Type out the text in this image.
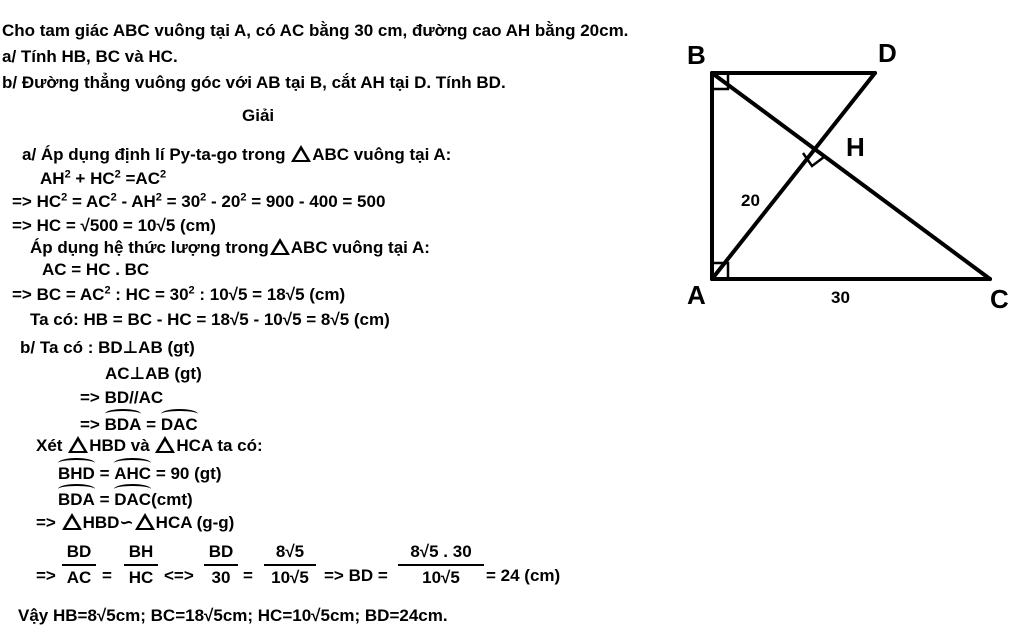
Cho tam giác ABC vuông tại A, có AC bằng 30 cm, đường cao AH bằng 20cm.
a/ Tính HB, BC và HC.
b/ Đường thẳng vuông góc với AB tại B, cắt AH tại D. Tính BD.
Giải
a/ Áp dụng định lí Py-ta-go trong ABC vuông tại A:
$AH^2 + HC^2 =AC^2$
=> $HC^2 = AC^2 - AH^2 = 30^2 - 20^2 = 900 - 400 = 500$
=> HC = √500 = 10√5 (cm)
Áp dụng hệ thức lượng trong ABC vuông tại A:
AC = HC . BC
=> BC = $AC^2$ : HC = $30^2$ : 10√5 = 18√5 (cm)
Ta có: HB = BC - HC = 18√5 - 10√5 = 8√5 (cm)
b/ Ta có : BD⊥AB (gt)
AC⊥AB (gt)
=> BD//AC
=> BDA = DAC
Xét HBD và HCA ta có:
BHD = AHC = 90 (gt)
BDA = DAC(cmt)
=> HBD∽ HCA (g-g)
=> $\frac{BD}{AC} = \frac{BH}{HC}$ <=> $\frac{BD}{30} = \frac{8√5}{10√5}$ => BD = $\frac{8√5 . 30}{10√5} = 24$ (cm)
Vậy HB=8√5cm; BC=18√5cm; HC=10√5cm; BD=24cm.
B	D
H
A	C
20
30
